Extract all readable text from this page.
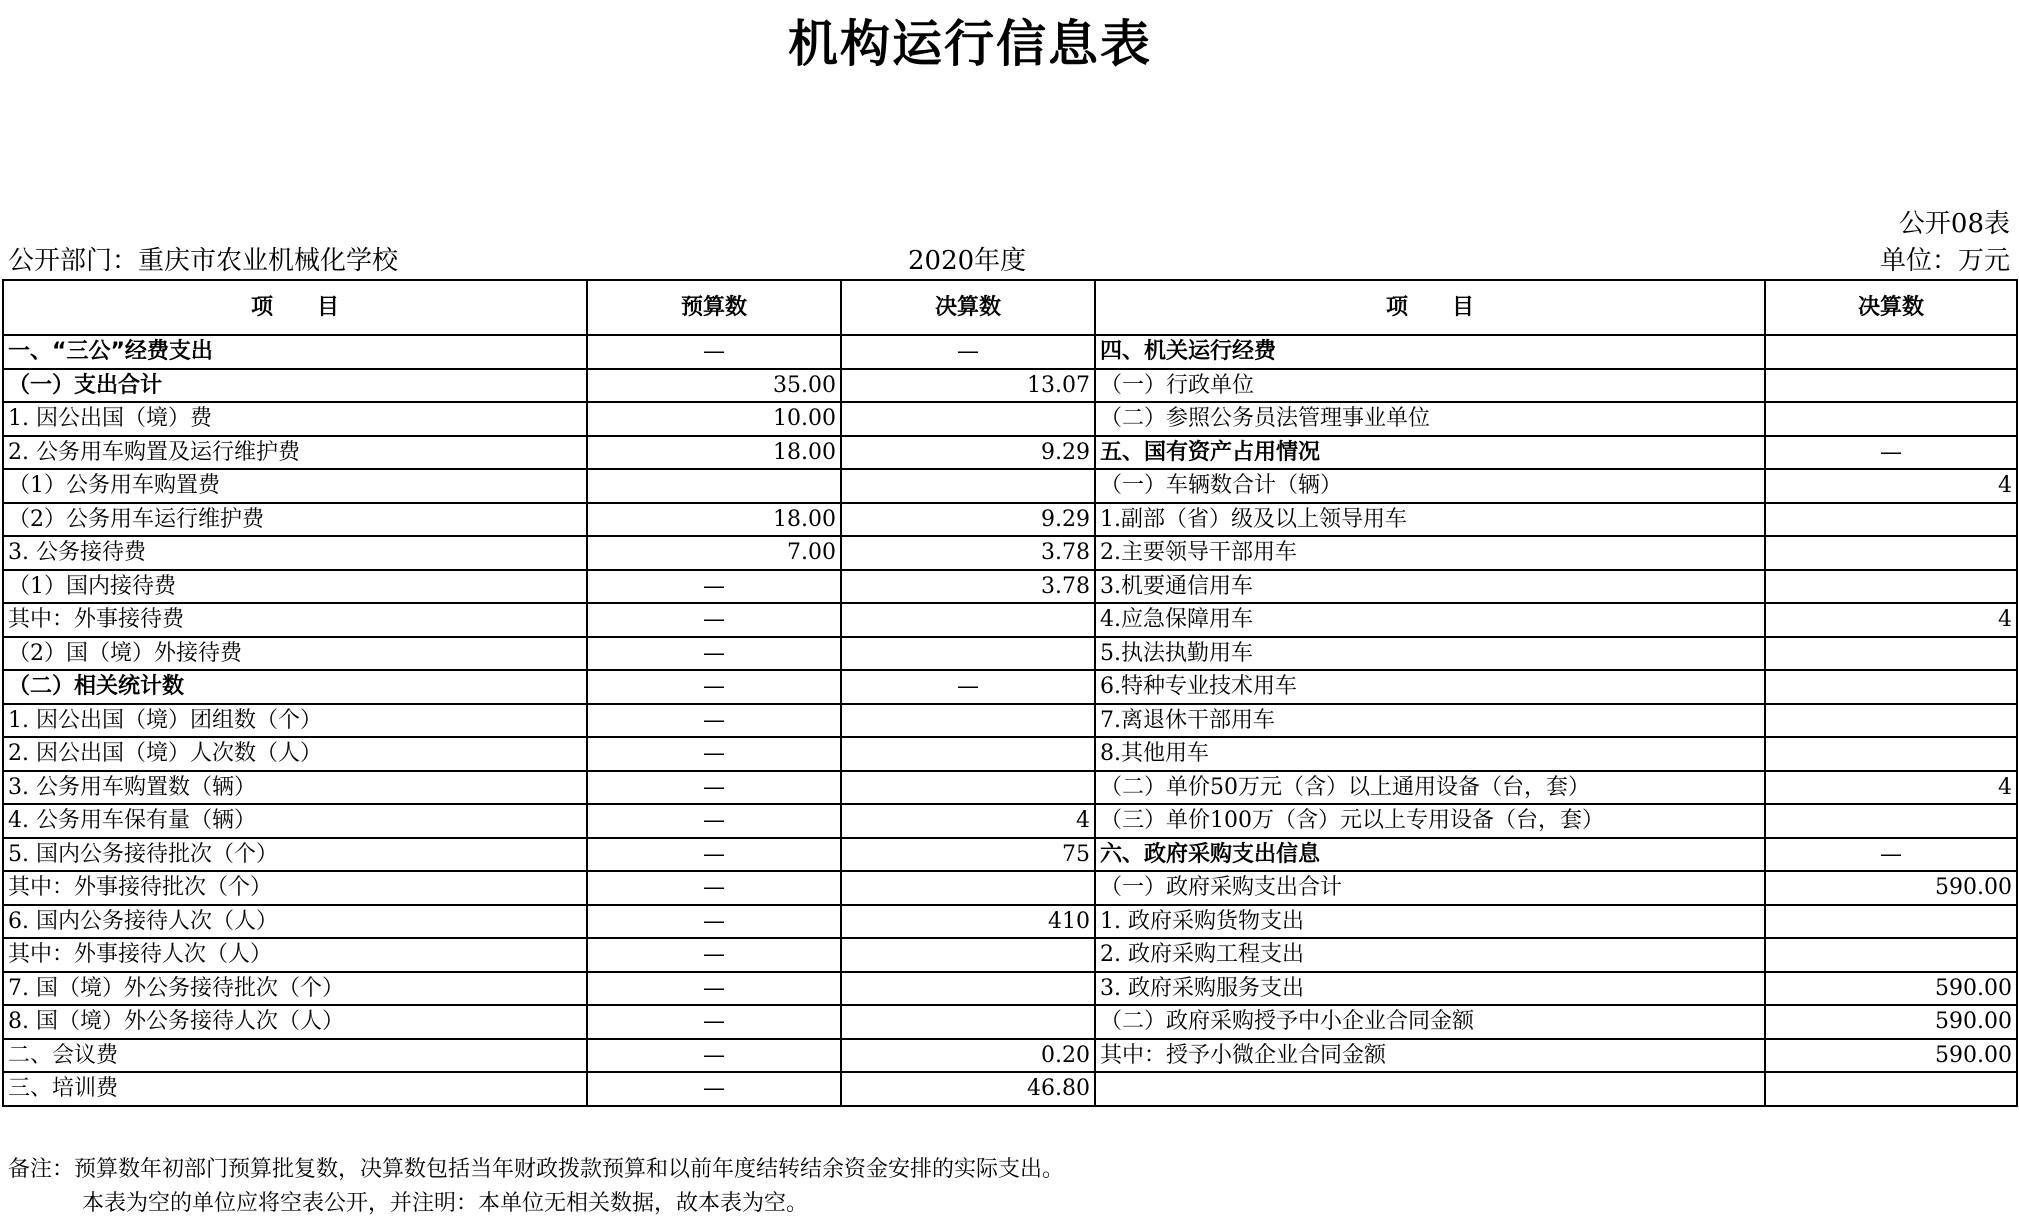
机构运行信息表
公开08表
公开部门：重庆市农业机械化学校	2020年度	单位：万元
项　　目	预算数	决算数	项　　目	决算数
一、“三公”经费支出	—	—	四、机关运行经费	
（一）支出合计	35.00	13.07	（一）行政单位	
1. 因公出国（境）费	10.00		（二）参照公务员法管理事业单位	
2. 公务用车购置及运行维护费	18.00	9.29	五、国有资产占用情况	—
（1）公务用车购置费			（一）车辆数合计（辆）	4
（2）公务用车运行维护费	18.00	9.29	1.副部（省）级及以上领导用车	
3. 公务接待费	7.00	3.78	2.主要领导干部用车	
（1）国内接待费	—	3.78	3.机要通信用车	
其中：外事接待费	—		4.应急保障用车	4
（2）国（境）外接待费	—		5.执法执勤用车	
（二）相关统计数	—	—	6.特种专业技术用车	
1. 因公出国（境）团组数（个）	—		7.离退休干部用车	
2. 因公出国（境）人次数（人）	—		8.其他用车	
3. 公务用车购置数（辆）	—		（二）单价50万元（含）以上通用设备（台，套）	4
4. 公务用车保有量（辆）	—	4	（三）单价100万（含）元以上专用设备（台，套）	
5. 国内公务接待批次（个）	—	75	六、政府采购支出信息	—
其中：外事接待批次（个）	—		（一）政府采购支出合计	590.00
6. 国内公务接待人次（人）	—	410	1. 政府采购货物支出	
其中：外事接待人次（人）	—		2. 政府采购工程支出	
7. 国（境）外公务接待批次（个）	—		3. 政府采购服务支出	590.00
8. 国（境）外公务接待人次（人）	—		（二）政府采购授予中小企业合同金额	590.00
二、会议费	—	0.20	其中：授予小微企业合同金额	590.00
三、培训费	—	46.80		
备注：预算数年初部门预算批复数，决算数包括当年财政拨款预算和以前年度结转结余资金安排的实际支出。
本表为空的单位应将空表公开，并注明：本单位无相关数据，故本表为空。
